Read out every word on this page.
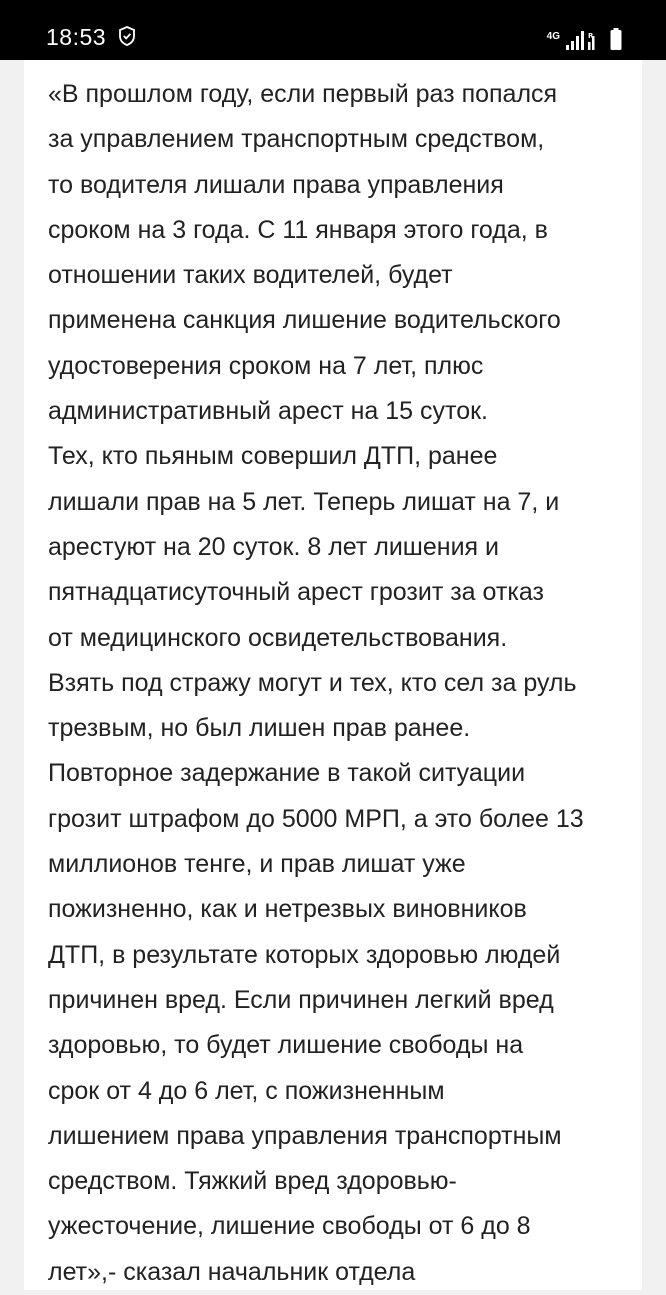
18:53	4G	R

«В прошлом году, если первый раз попался
за управлением транспортным средством,
то водителя лишали права управления
сроком на 3 года. С 11 января этого года, в
отношении таких водителей, будет
примененa санкция лишение водительского
удостоверения сроком на 7 лет, плюс
административный арест на 15 суток.
Тех, кто пьяным совершил ДТП, ранее
лишали прав на 5 лет. Теперь лишат на 7, и
арестуют на 20 суток. 8 лет лишения и
пятнадцатисуточный арест грозит за отказ
от медицинского освидетельствования.
Взять под стражу могут и тех, кто сел за руль
трезвым, но был лишен прав ранее.
Повторное задержание в такой ситуации
грозит штрафом до 5000 МРП, а это более 13
миллионов тенге, и прав лишат уже
пожизненно, как и нетрезвых виновников
ДТП, в результате которых здоровью людей
причинен вред. Если причинен легкий вред
здоровью, то будет лишение свободы на
срок от 4 до 6 лет, с пожизненным
лишением права управления транспортным
средством. Тяжкий вред здоровью-
ужесточение, лишение свободы от 6 до 8
лет»,- сказал начальник отдела
